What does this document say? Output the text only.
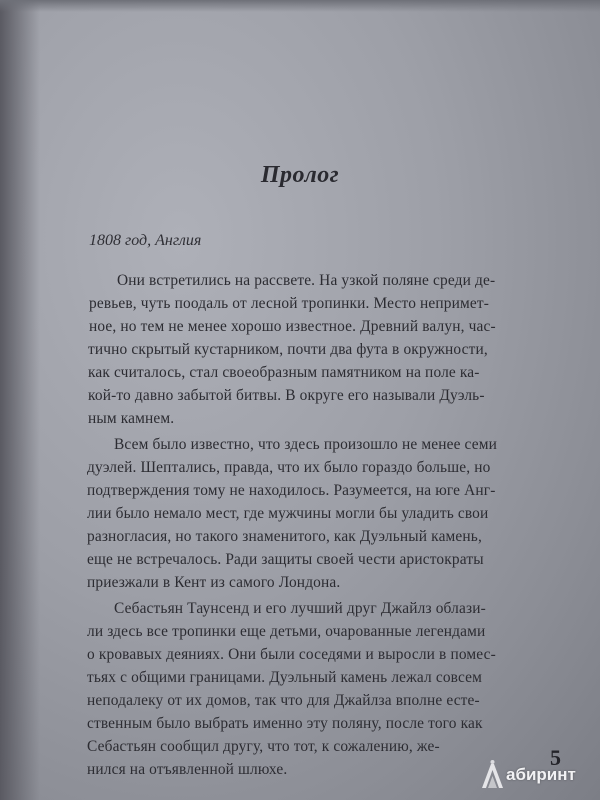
Пролог
1808 год, Англия
Они встретились на рассвете. На узкой поляне среди де-
ревьев, чуть поодаль от лесной тропинки. Место непримет-
ное, но тем не менее хорошо известное. Древний валун, час-
тично скрытый кустарником, почти два фута в окружности,
как считалось, стал своеобразным памятником на поле ка-
кой-то давно забытой битвы. В округе его называли Дуэль-
ным камнем.
Всем было известно, что здесь произошло не менее семи
дуэлей. Шептались, правда, что их было гораздо больше, но
подтверждения тому не находилось. Разумеется, на юге Анг-
лии было немало мест, где мужчины могли бы уладить свои
разногласия, но такого знаменитого, как Дуэльный камень,
еще не встречалось. Ради защиты своей чести аристократы
приезжали в Кент из самого Лондона.
Себастьян Таунсенд и его лучший друг Джайлз облази-
ли здесь все тропинки еще детьми, очарованные легендами
о кровавых деяниях. Они были соседями и выросли в помес-
тьях с общими границами. Дуэльный камень лежал совсем
неподалеку от их домов, так что для Джайлза вполне есте-
ственным было выбрать именно эту поляну, после того как
Себастьян сообщил другу, что тот, к сожалению, же-
нился на отъявленной шлюхе.	5
абиринт
